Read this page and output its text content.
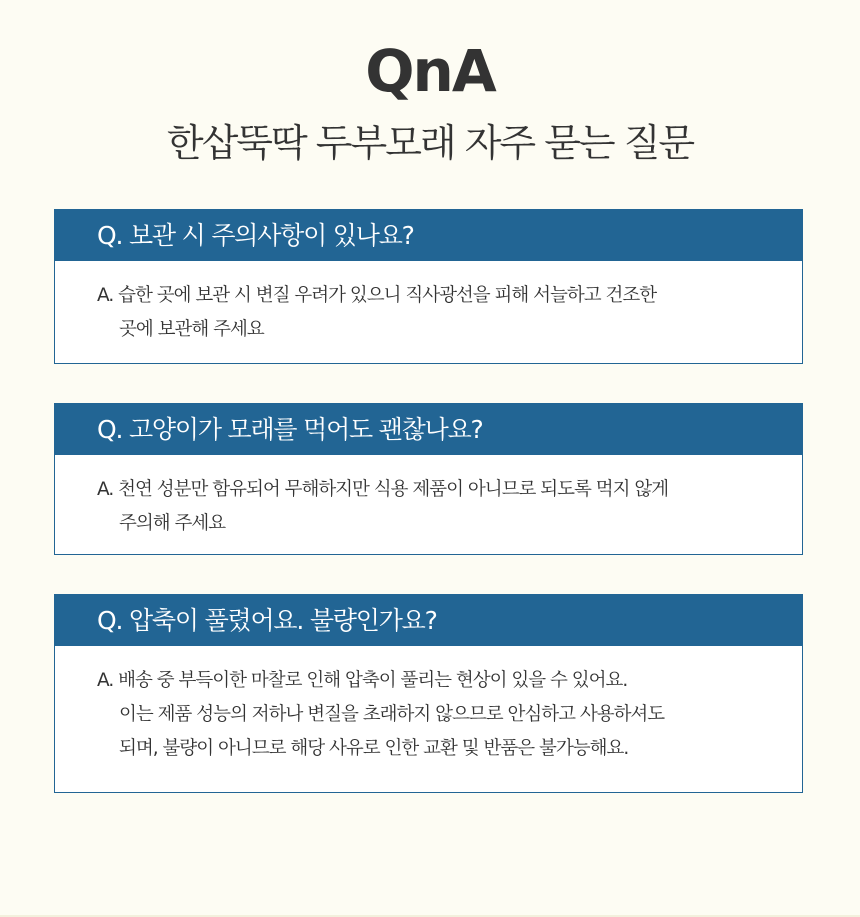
QnA
한삽뚝딱 두부모래 자주 묻는 질문
Q. 보관 시 주의사항이 있나요?
A. 습한 곳에 보관 시 변질 우려가 있으니 직사광선을 피해 서늘하고 건조한
곳에 보관해 주세요
Q. 고양이가 모래를 먹어도 괜찮나요?
A. 천연 성분만 함유되어 무해하지만 식용 제품이 아니므로 되도록 먹지 않게
주의해 주세요
Q. 압축이 풀렸어요. 불량인가요?
A. 배송 중 부득이한 마찰로 인해 압축이 풀리는 현상이 있을 수 있어요.
이는 제품 성능의 저하나 변질을 초래하지 않으므로 안심하고 사용하셔도
되며, 불량이 아니므로 해당 사유로 인한 교환 및 반품은 불가능해요.
